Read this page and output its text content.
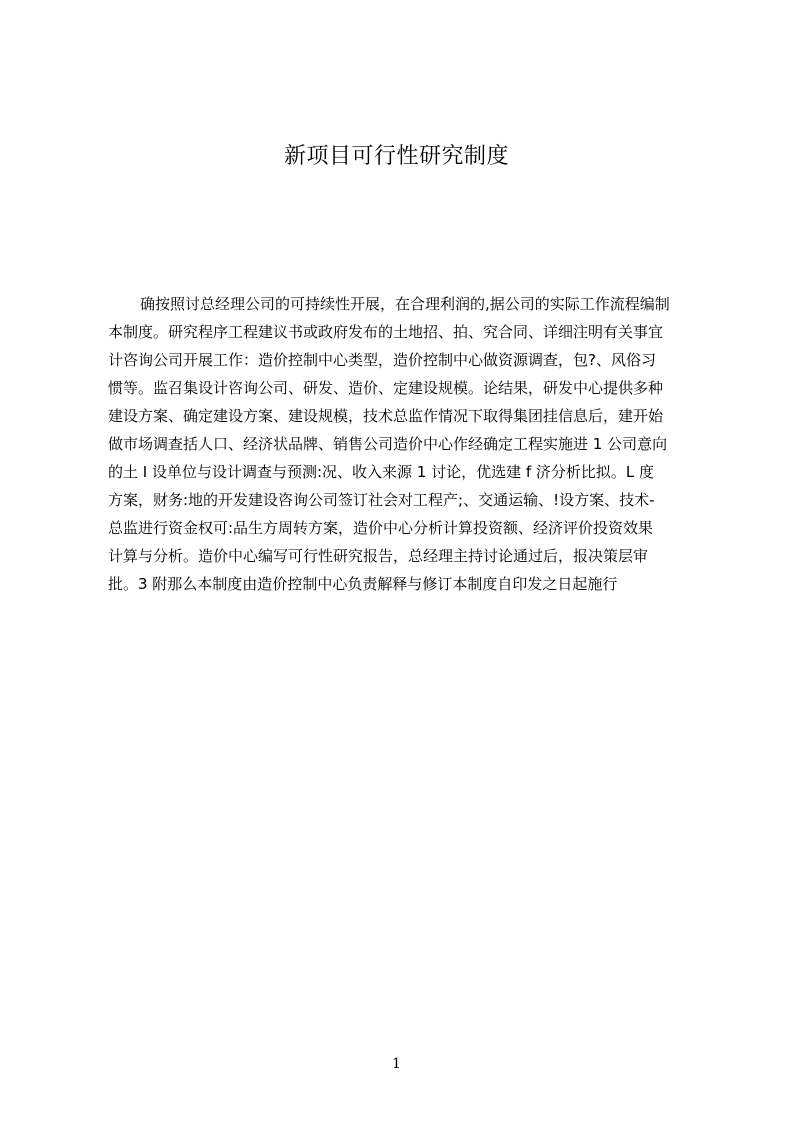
新项目可行性研究制度
确按照讨总经理公司的可持续性开展，在合理利润的,据公司的实际工作流程编制
本制度。研究程序工程建议书或政府发布的土地招、拍、究合同、详细注明有关事宜
计咨询公司开展工作：造价控制中心类型，造价控制中心做资源调查，包?、风俗习
惯等。监召集设计咨询公司、研发、造价、定建设规模。论结果，研发中心提供多种
建设方案、确定建设方案、建设规模，技术总监作情况下取得集团挂信息后，建开始
做市场调查括人口、经济状品牌、销售公司造价中心作经确定工程实施进 1 公司意向
的土 I 设单位与设计调查与预测:况、收入来源 1 讨论，优选建 f 济分析比拟。L 度
方案，财务:地的开发建设咨询公司签订社会对工程产;、交通运输、!设方案、技术-
总监进行资金权可:品生方周转方案，造价中心分析计算投资额、经济评价投资效果
计算与分析。造价中心编写可行性研究报告，总经理主持讨论通过后，报决策层审
批。3 附那么本制度由造价控制中心负责解释与修订本制度自印发之日起施行
1
